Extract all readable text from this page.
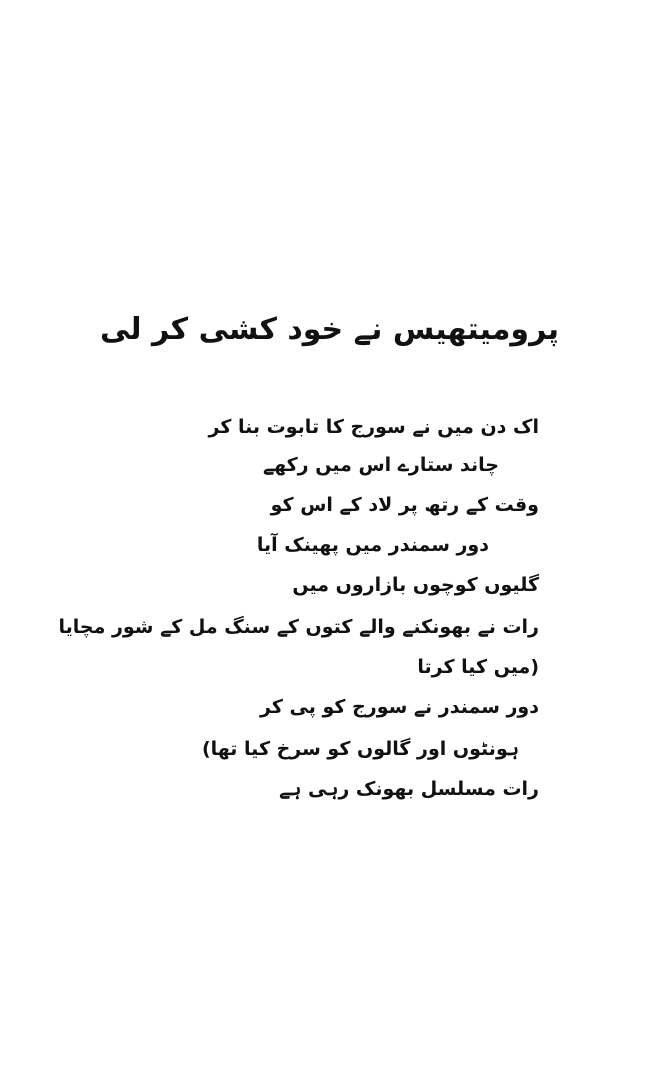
پرومیتھیس نے خود کشی کر لی
اک دن میں نے سورج کا تابوت بنا کر
چاند ستارے اس میں رکھے
وقت کے رتھ پر لاد کے اس کو
دور سمندر میں پھینک آیا
گلیوں کوچوں بازاروں میں
رات نے بھونکنے والے کتوں کے سنگ مل کے شور مچایا
(میں کیا کرتا
دور سمندر نے سورج کو پی کر
ہونٹوں اور گالوں کو سرخ کیا تھا)
رات مسلسل بھونک رہی ہے
